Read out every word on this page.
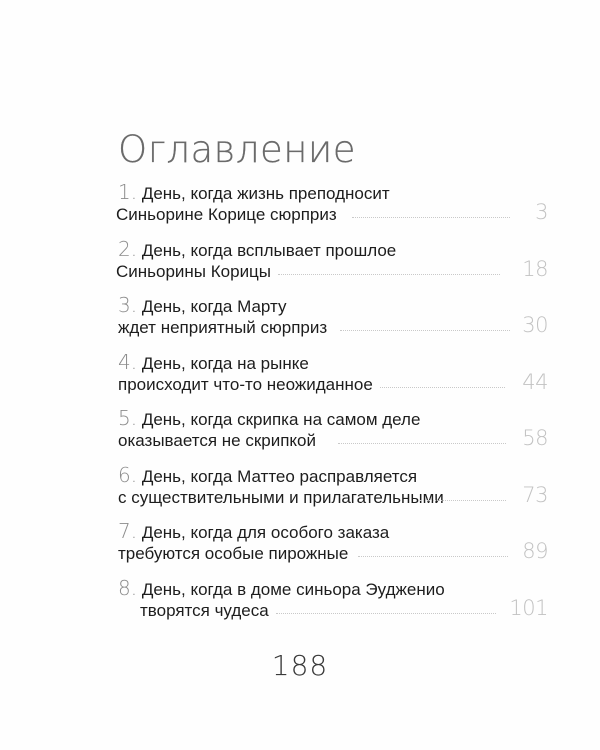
Оглавление
1. День, когда жизнь преподносит
Синьорине Корице сюрприз	3
2. День, когда всплывает прошлое
Синьорины Корицы	18
3. День, когда Марту
ждет неприятный сюрприз	30
4. День, когда на рынке
происходит что-то неожиданное	44
5. День, когда скрипка на самом деле
оказывается не скрипкой	58
6. День, когда Маттео расправляется
с существительными и прилагательными	73
7. День, когда для особого заказа
требуются особые пирожные	89
8. День, когда в доме синьора Эудженио
творятся чудеса	101
188
